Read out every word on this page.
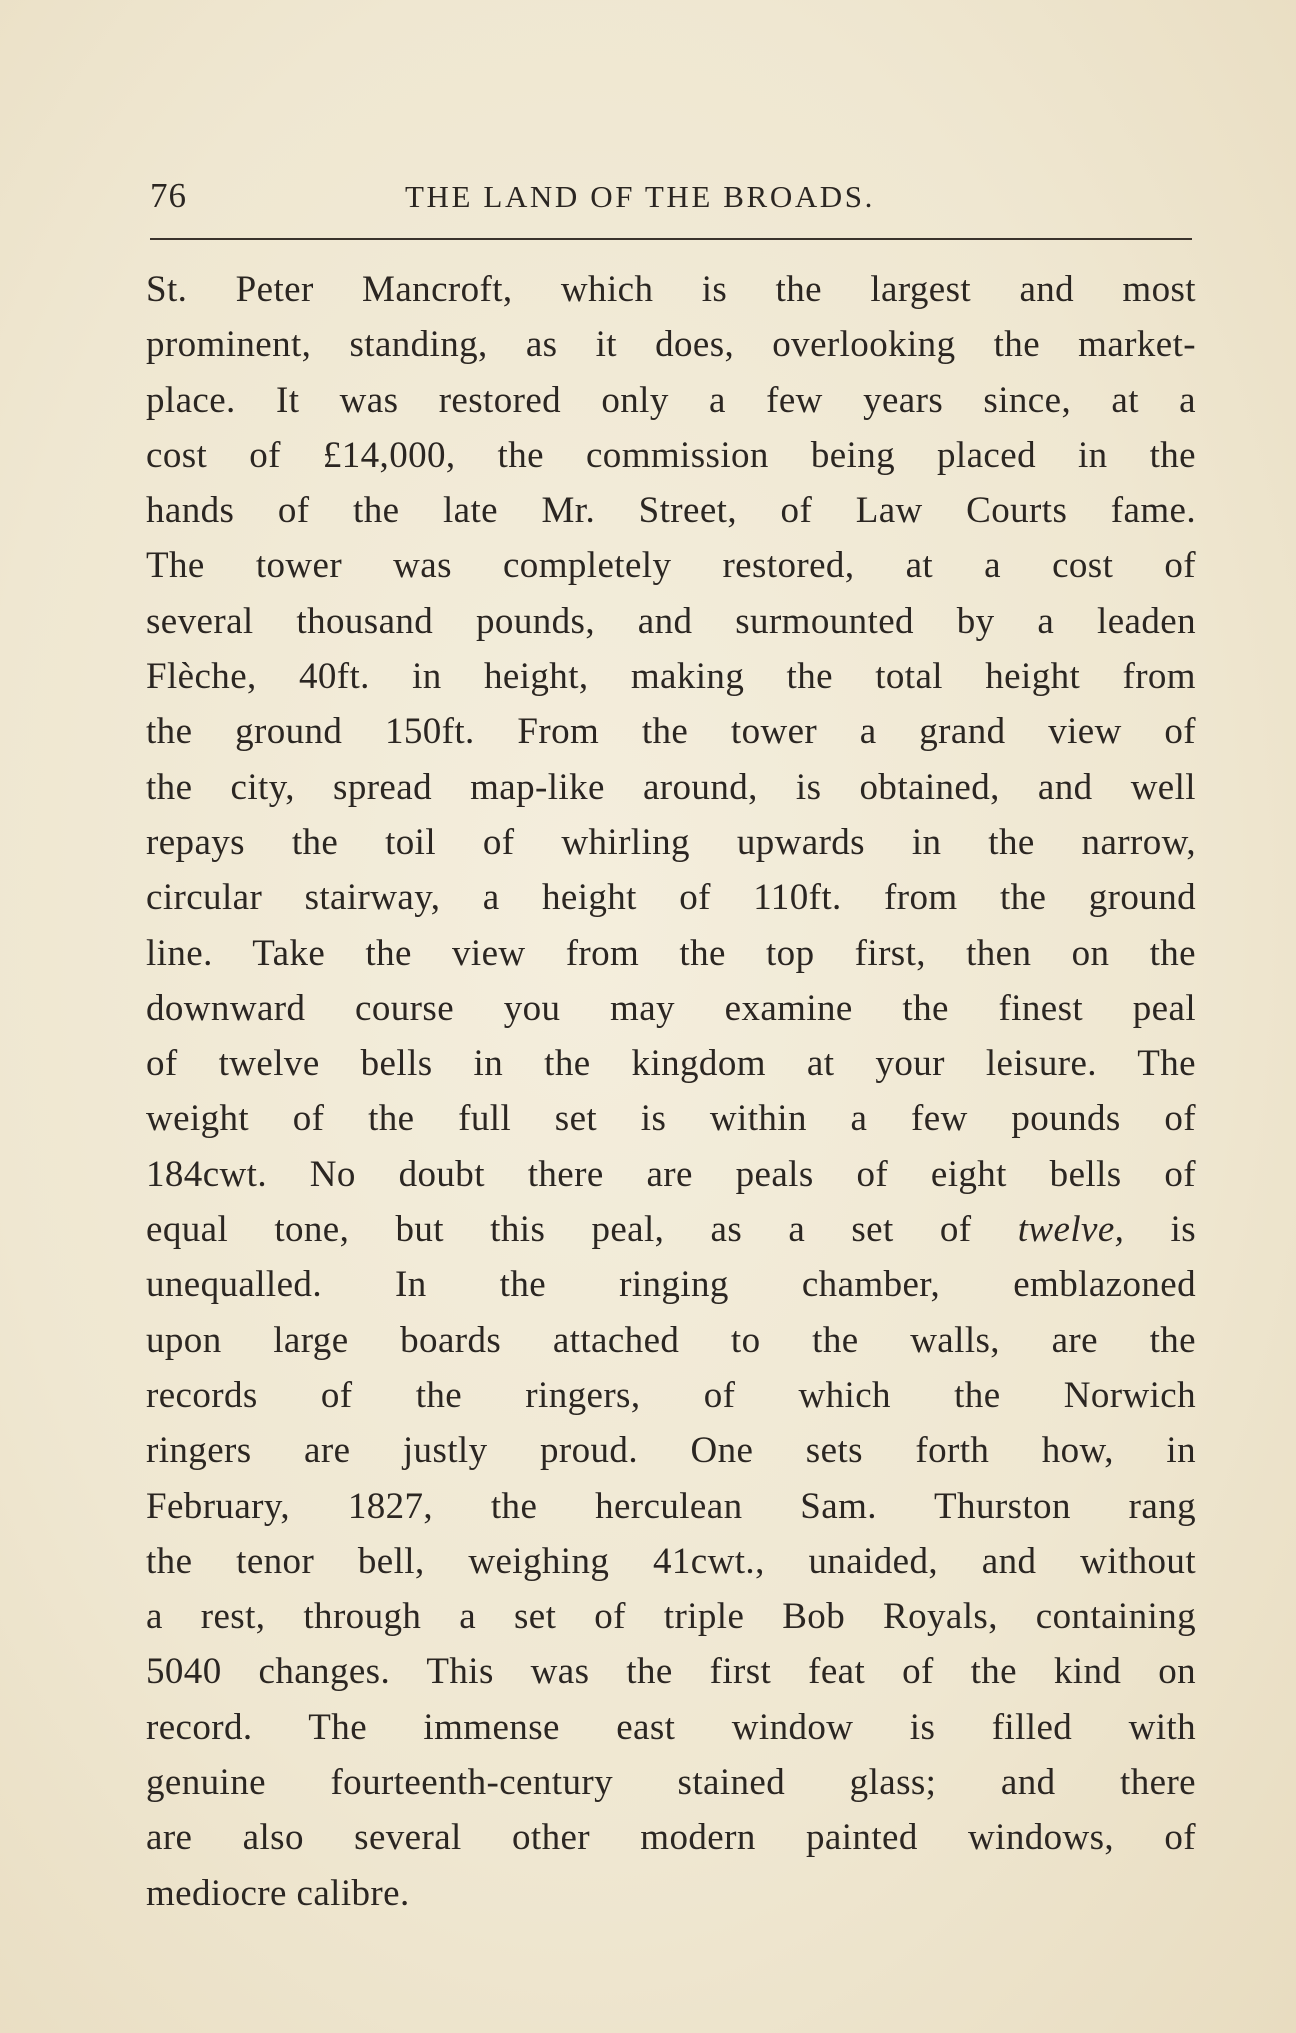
76	THE LAND OF THE BROADS.
St. Peter Mancroft, which is the largest and most
prominent, standing, as it does, overlooking the market-
place. It was restored only a few years since, at a
cost of £14,000, the commission being placed in the
hands of the late Mr. Street, of Law Courts fame.
The tower was completely restored, at a cost of
several thousand pounds, and surmounted by a leaden
Flèche, 40ft. in height, making the total height from
the ground 150ft. From the tower a grand view of
the city, spread map-like around, is obtained, and well
repays the toil of whirling upwards in the narrow,
circular stairway, a height of 110ft. from the ground
line. Take the view from the top first, then on the
downward course you may examine the finest peal
of twelve bells in the kingdom at your leisure. The
weight of the full set is within a few pounds of
184cwt. No doubt there are peals of eight bells of
equal tone, but this peal, as a set of twelve, is
unequalled. In the ringing chamber, emblazoned
upon large boards attached to the walls, are the
records of the ringers, of which the Norwich
ringers are justly proud. One sets forth how, in
February, 1827, the herculean Sam. Thurston rang
the tenor bell, weighing 41cwt., unaided, and without
a rest, through a set of triple Bob Royals, containing
5040 changes. This was the first feat of the kind on
record. The immense east window is filled with
genuine fourteenth-century stained glass; and there
are also several other modern painted windows, of
mediocre calibre.
